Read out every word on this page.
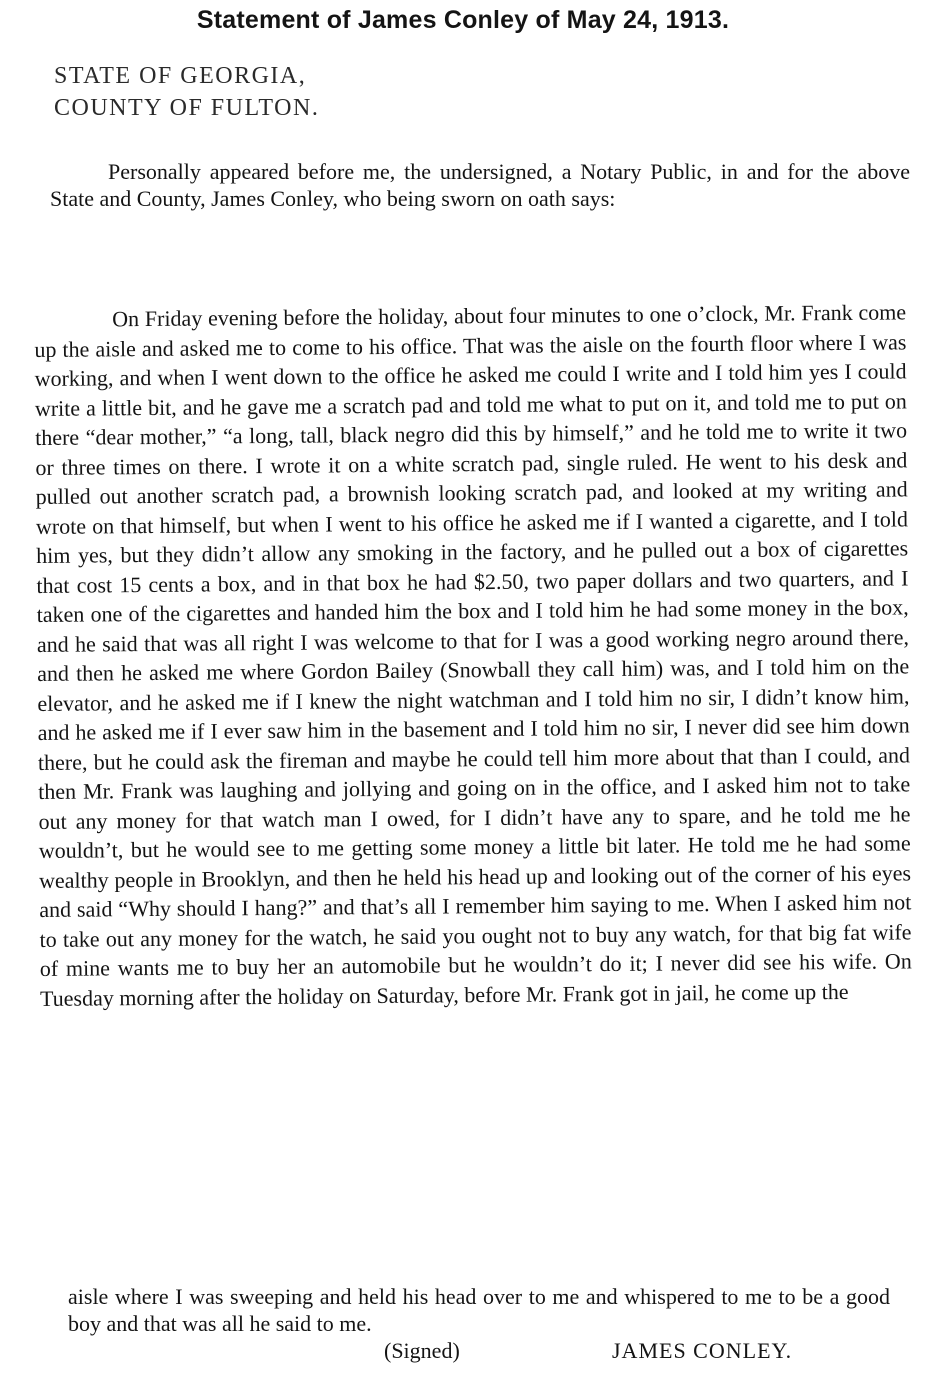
Statement of James Conley of May 24, 1913.
STATE OF GEORGIA,
COUNTY OF FULTON.

Personally appeared before me, the undersigned, a Notary Public, in and for the above State and County, James Conley, who being sworn on oath says:

On Friday evening before the holiday, about four minutes to one o’clock, Mr. Frank come up the aisle and asked me to come to his office. That was the aisle on the fourth floor where I was working, and when I went down to the office he asked me could I write and I told him yes I could write a little bit, and he gave me a scratch pad and told me what to put on it, and told me to put on there “dear mother,” “a long, tall, black negro did this by himself,” and he told me to write it two or three times on there. I wrote it on a white scratch pad, single ruled. He went to his desk and pulled out another scratch pad, a brownish looking scratch pad, and looked at my writing and wrote on that himself, but when I went to his office he asked me if I wanted a cigarette, and I told him yes, but they didn’t allow any smoking in the factory, and he pulled out a box of cigarettes that cost 15 cents a box, and in that box he had $2.50, two paper dollars and two quarters, and I taken one of the cigarettes and handed him the box and I told him he had some money in the box, and he said that was all right I was welcome to that for I was a good working negro around there, and then he asked me where Gordon Bailey (Snowball they call him) was, and I told him on the elevator, and he asked me if I knew the night watchman and I told him no sir, I didn’t know him, and he asked me if I ever saw him in the basement and I told him no sir, I never did see him down there, but he could ask the fireman and maybe he could tell him more about that than I could, and then Mr. Frank was laughing and jollying and going on in the office, and I asked him not to take out any money for that watch man I owed, for I didn’t have any to spare, and he told me he wouldn’t, but he would see to me getting some money a little bit later. He told me he had some wealthy people in Brooklyn, and then he held his head up and looking out of the corner of his eyes and said “Why should I hang?” and that’s all I remember him saying to me. When I asked him not to take out any money for the watch, he said you ought not to buy any watch, for that big fat wife of mine wants me to buy her an automobile but he wouldn’t do it; I never did see his wife. On Tuesday morning after the holiday on Saturday, before Mr. Frank got in jail, he come up the

aisle where I was sweeping and held his head over to me and whispered to me to be a good boy and that was all he said to me.

(Signed)	JAMES CONLEY.
